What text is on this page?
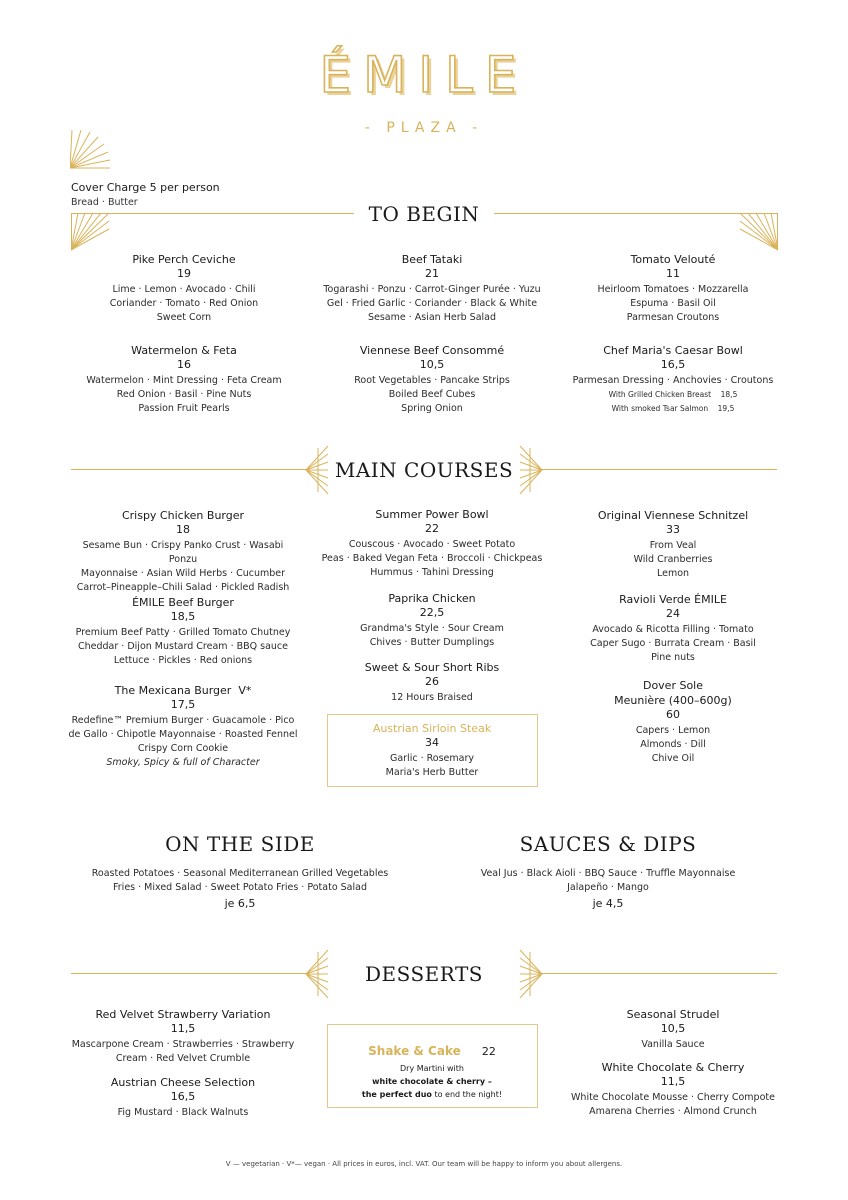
ÉMILE
- PLAZA -
Cover Charge 5 per person
Bread · Butter	TO BEGIN
Pike Perch Ceviche
19
Lime · Lemon · Avocado · Chili
Coriander · Tomato · Red Onion
Sweet Corn
Beef Tataki
21
Togarashi · Ponzu · Carrot-Ginger Purée · Yuzu
Gel · Fried Garlic · Coriander · Black & White
Sesame · Asian Herb Salad
Tomato Velouté
11
Heirloom Tomatoes · Mozzarella
Espuma · Basil Oil
Parmesan Croutons
Watermelon & Feta
16
Watermelon · Mint Dressing · Feta Cream
Red Onion · Basil · Pine Nuts
Passion Fruit Pearls
Viennese Beef Consommé
10,5
Root Vegetables · Pancake Strips
Boiled Beef Cubes
Spring Onion
Chef Maria's Caesar Bowl
16,5
Parmesan Dressing · Anchovies · Croutons
With Grilled Chicken Breast    18,5
With smoked Tsar Salmon    19,5
MAIN COURSES
Crispy Chicken Burger
18
Sesame Bun · Crispy Panko Crust · Wasabi Ponzu
Mayonnaise · Asian Wild Herbs · Cucumber
Carrot–Pineapple–Chili Salad · Pickled Radish
ÉMILE Beef Burger
18,5
Premium Beef Patty · Grilled Tomato Chutney
Cheddar · Dijon Mustard Cream · BBQ sauce
Lettuce · Pickles · Red onions
The Mexicana Burger  V*
17,5
Redefine™ Premium Burger · Guacamole · Pico
de Gallo · Chipotle Mayonnaise · Roasted Fennel
Crispy Corn Cookie
Smoky, Spicy & full of Character
Summer Power Bowl
22
Couscous · Avocado · Sweet Potato
Peas · Baked Vegan Feta · Broccoli · Chickpeas
Hummus · Tahini Dressing
Paprika Chicken
22,5
Grandma's Style · Sour Cream
Chives · Butter Dumplings
Sweet & Sour Short Ribs
26
12 Hours Braised
Austrian Sirloin Steak
34
Garlic · Rosemary
Maria's Herb Butter
Original Viennese Schnitzel
33
From Veal
Wild Cranberries
Lemon
Ravioli Verde ÉMILE
24
Avocado & Ricotta Filling · Tomato
Caper Sugo · Burrata Cream · Basil
Pine nuts
Dover Sole
Meunière (400–600g)
60
Capers · Lemon
Almonds · Dill
Chive Oil
ON THE SIDE
Roasted Potatoes · Seasonal Mediterranean Grilled Vegetables
Fries · Mixed Salad · Sweet Potato Fries · Potato Salad
je 6,5
SAUCES & DIPS
Veal Jus · Black Aioli · BBQ Sauce · Truffle Mayonnaise
Jalapeño · Mango
je 4,5
DESSERTS
Red Velvet Strawberry Variation
11,5
Mascarpone Cream · Strawberries · Strawberry
Cream · Red Velvet Crumble
Austrian Cheese Selection
16,5
Fig Mustard · Black Walnuts
Shake & Cake 22
Dry Martini with
white chocolate & cherry –
the perfect duo to end the night!
Seasonal Strudel
10,5
Vanilla Sauce
White Chocolate & Cherry
11,5
White Chocolate Mousse · Cherry Compote
Amarena Cherries · Almond Crunch
V — vegetarian · V*— vegan · All prices in euros, incl. VAT. Our team will be happy to inform you about allergens.
